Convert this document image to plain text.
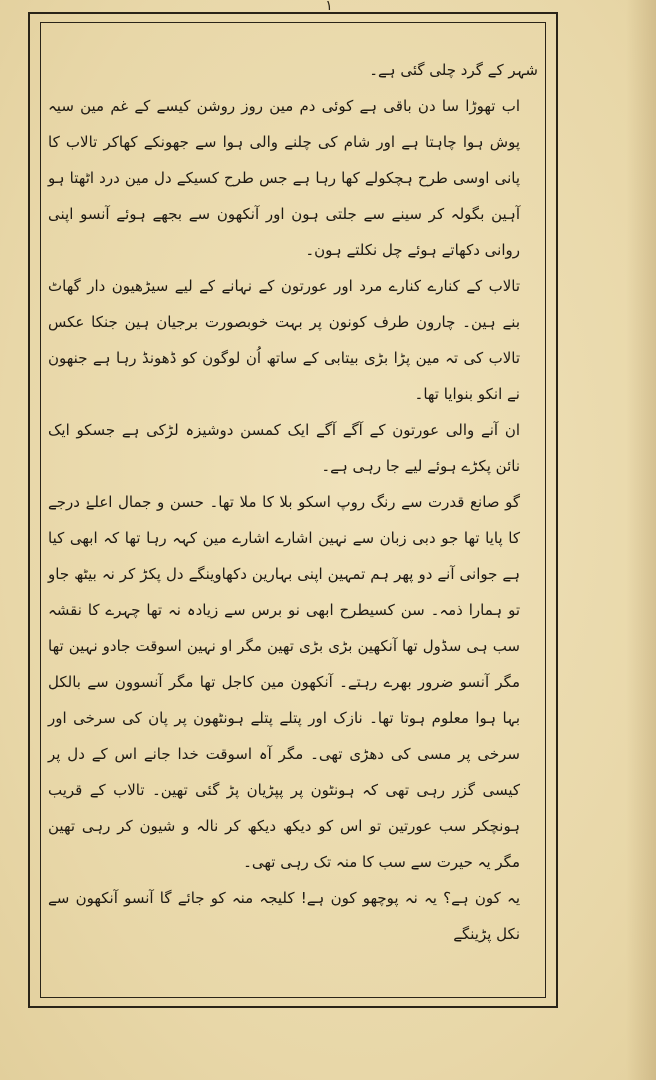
۱

شہر کے گرد چلی گئی ہے۔

اب تھوڑا سا دن باقی ہے کوئی دم مین روز روشن کیسے کے غم مین سیہ پوش ہوا چاہتا ہے اور شام کی چلنے والی ہوا سے جھونکے کھاکر تالاب کا پانی اوسی طرح ہچکولے کھا رہا ہے جس طرح کسیکے دل مین درد اٹھتا ہو آہین بگولہ کر سینے سے جلتی ہون اور آنکھون سے بجھے ہوئے آنسو اپنی روانی دکھاتے ہوئے چل نکلتے ہون۔

تالاب کے کنارے کنارے مرد اور عورتون کے نہانے کے لیے سیڑھیون دار گھاٹ بنے ہین۔ چارون طرف کونون پر بہت خوبصورت برجیان ہین جنکا عکس تالاب کی تہ مین پڑا بڑی بیتابی کے ساتھ اُن لوگون کو ڈھونڈ رہا ہے جنھون نے انکو بنوایا تھا۔

ان آنے والی عورتون کے آگے آگے ایک کمسن دوشیزہ لڑکی ہے جسکو ایک نائن پکڑے ہوئے لیے جا رہی ہے۔

گو صانع قدرت سے رنگ روپ اسکو بلا کا ملا تھا۔ حسن و جمال اعلےٰ درجے کا پایا تھا جو دبی زبان سے نہین اشارے اشارے مین کہہ رہا تھا کہ ابھی کیا ہے جوانی آنے دو پھر ہم تمہین اپنی بہارین دکھاوینگے دل پکڑ کر نہ بیٹھ جاو تو ہمارا ذمہ۔ سن کسیطرح ابھی نو برس سے زیادہ نہ تھا چہرے کا نقشہ سب ہی سڈول تھا آنکھین بڑی بڑی تھین مگر او نہین اسوقت جادو نہین تھا مگر آنسو ضرور بھرے رہتے۔ آنکھون مین کاجل تھا مگر آنسوون سے بالکل بہا ہوا معلوم ہوتا تھا۔ نازک اور پتلے پتلے ہونٹھون پر پان کی سرخی اور سرخی پر مسی کی دھڑی تھی۔ مگر آہ اسوقت خدا جانے اس کے دل پر کیسی گزر رہی تھی کہ ہونٹون پر پپڑیان پڑ گئی تھین۔ تالاب کے قریب ہونچکر سب عورتین تو اس کو دیکھ دیکھ کر نالہ و شیون کر رہی تھین مگر یہ حیرت سے سب کا منہ تک رہی تھی۔

یہ کون ہے؟ یہ نہ پوچھو کون ہے! کلیجہ منہ کو جائے گا آنسو آنکھون سے نکل پڑینگے
